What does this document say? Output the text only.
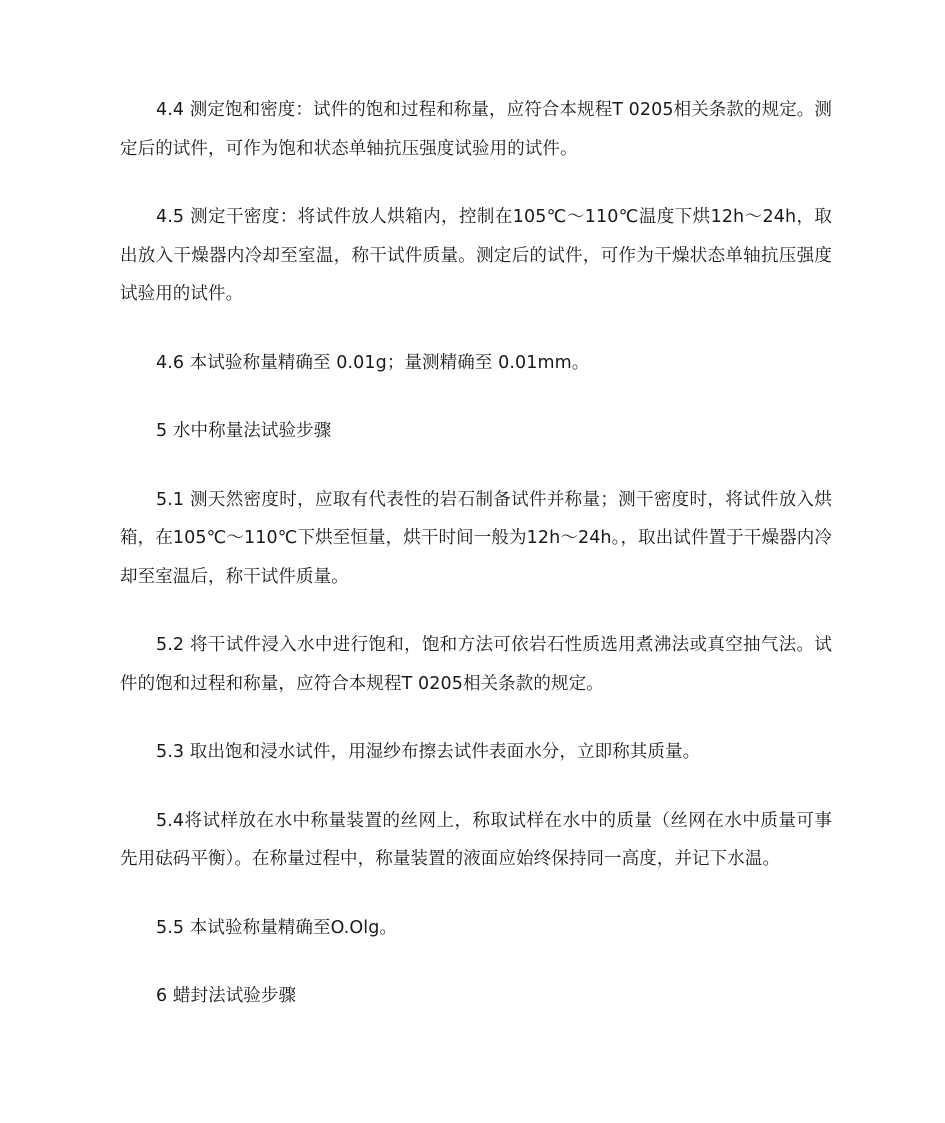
4.4 测定饱和密度：试件的饱和过程和称量，应符合本规程T 0205相关条款的规定。测定后的试件，可作为饱和状态单轴抗压强度试验用的试件。

4.5 测定干密度：将试件放人烘箱内，控制在105℃～110℃温度下烘12h～24h，取出放入干燥器内冷却至室温，称干试件质量。测定后的试件，可作为干燥状态单轴抗压强度试验用的试件。

4.6 本试验称量精确至 0.01g；量测精确至 0.01mm。

5 水中称量法试验步骤

5.1 测天然密度时，应取有代表性的岩石制备试件并称量；测干密度时，将试件放入烘箱，在105℃～110℃下烘至恒量，烘干时间一般为12h～24h。，取出试件置于干燥器内冷却至室温后，称干试件质量。

5.2 将干试件浸入水中进行饱和，饱和方法可依岩石性质选用煮沸法或真空抽气法。试件的饱和过程和称量，应符合本规程T 0205相关条款的规定。

5.3 取出饱和浸水试件，用湿纱布擦去试件表面水分，立即称其质量。

5.4将试样放在水中称量装置的丝网上，称取试样在水中的质量（丝网在水中质量可事先用砝码平衡）。在称量过程中，称量装置的液面应始终保持同一高度，并记下水温。

5.5 本试验称量精确至O.Olg。

6 蜡封法试验步骤
